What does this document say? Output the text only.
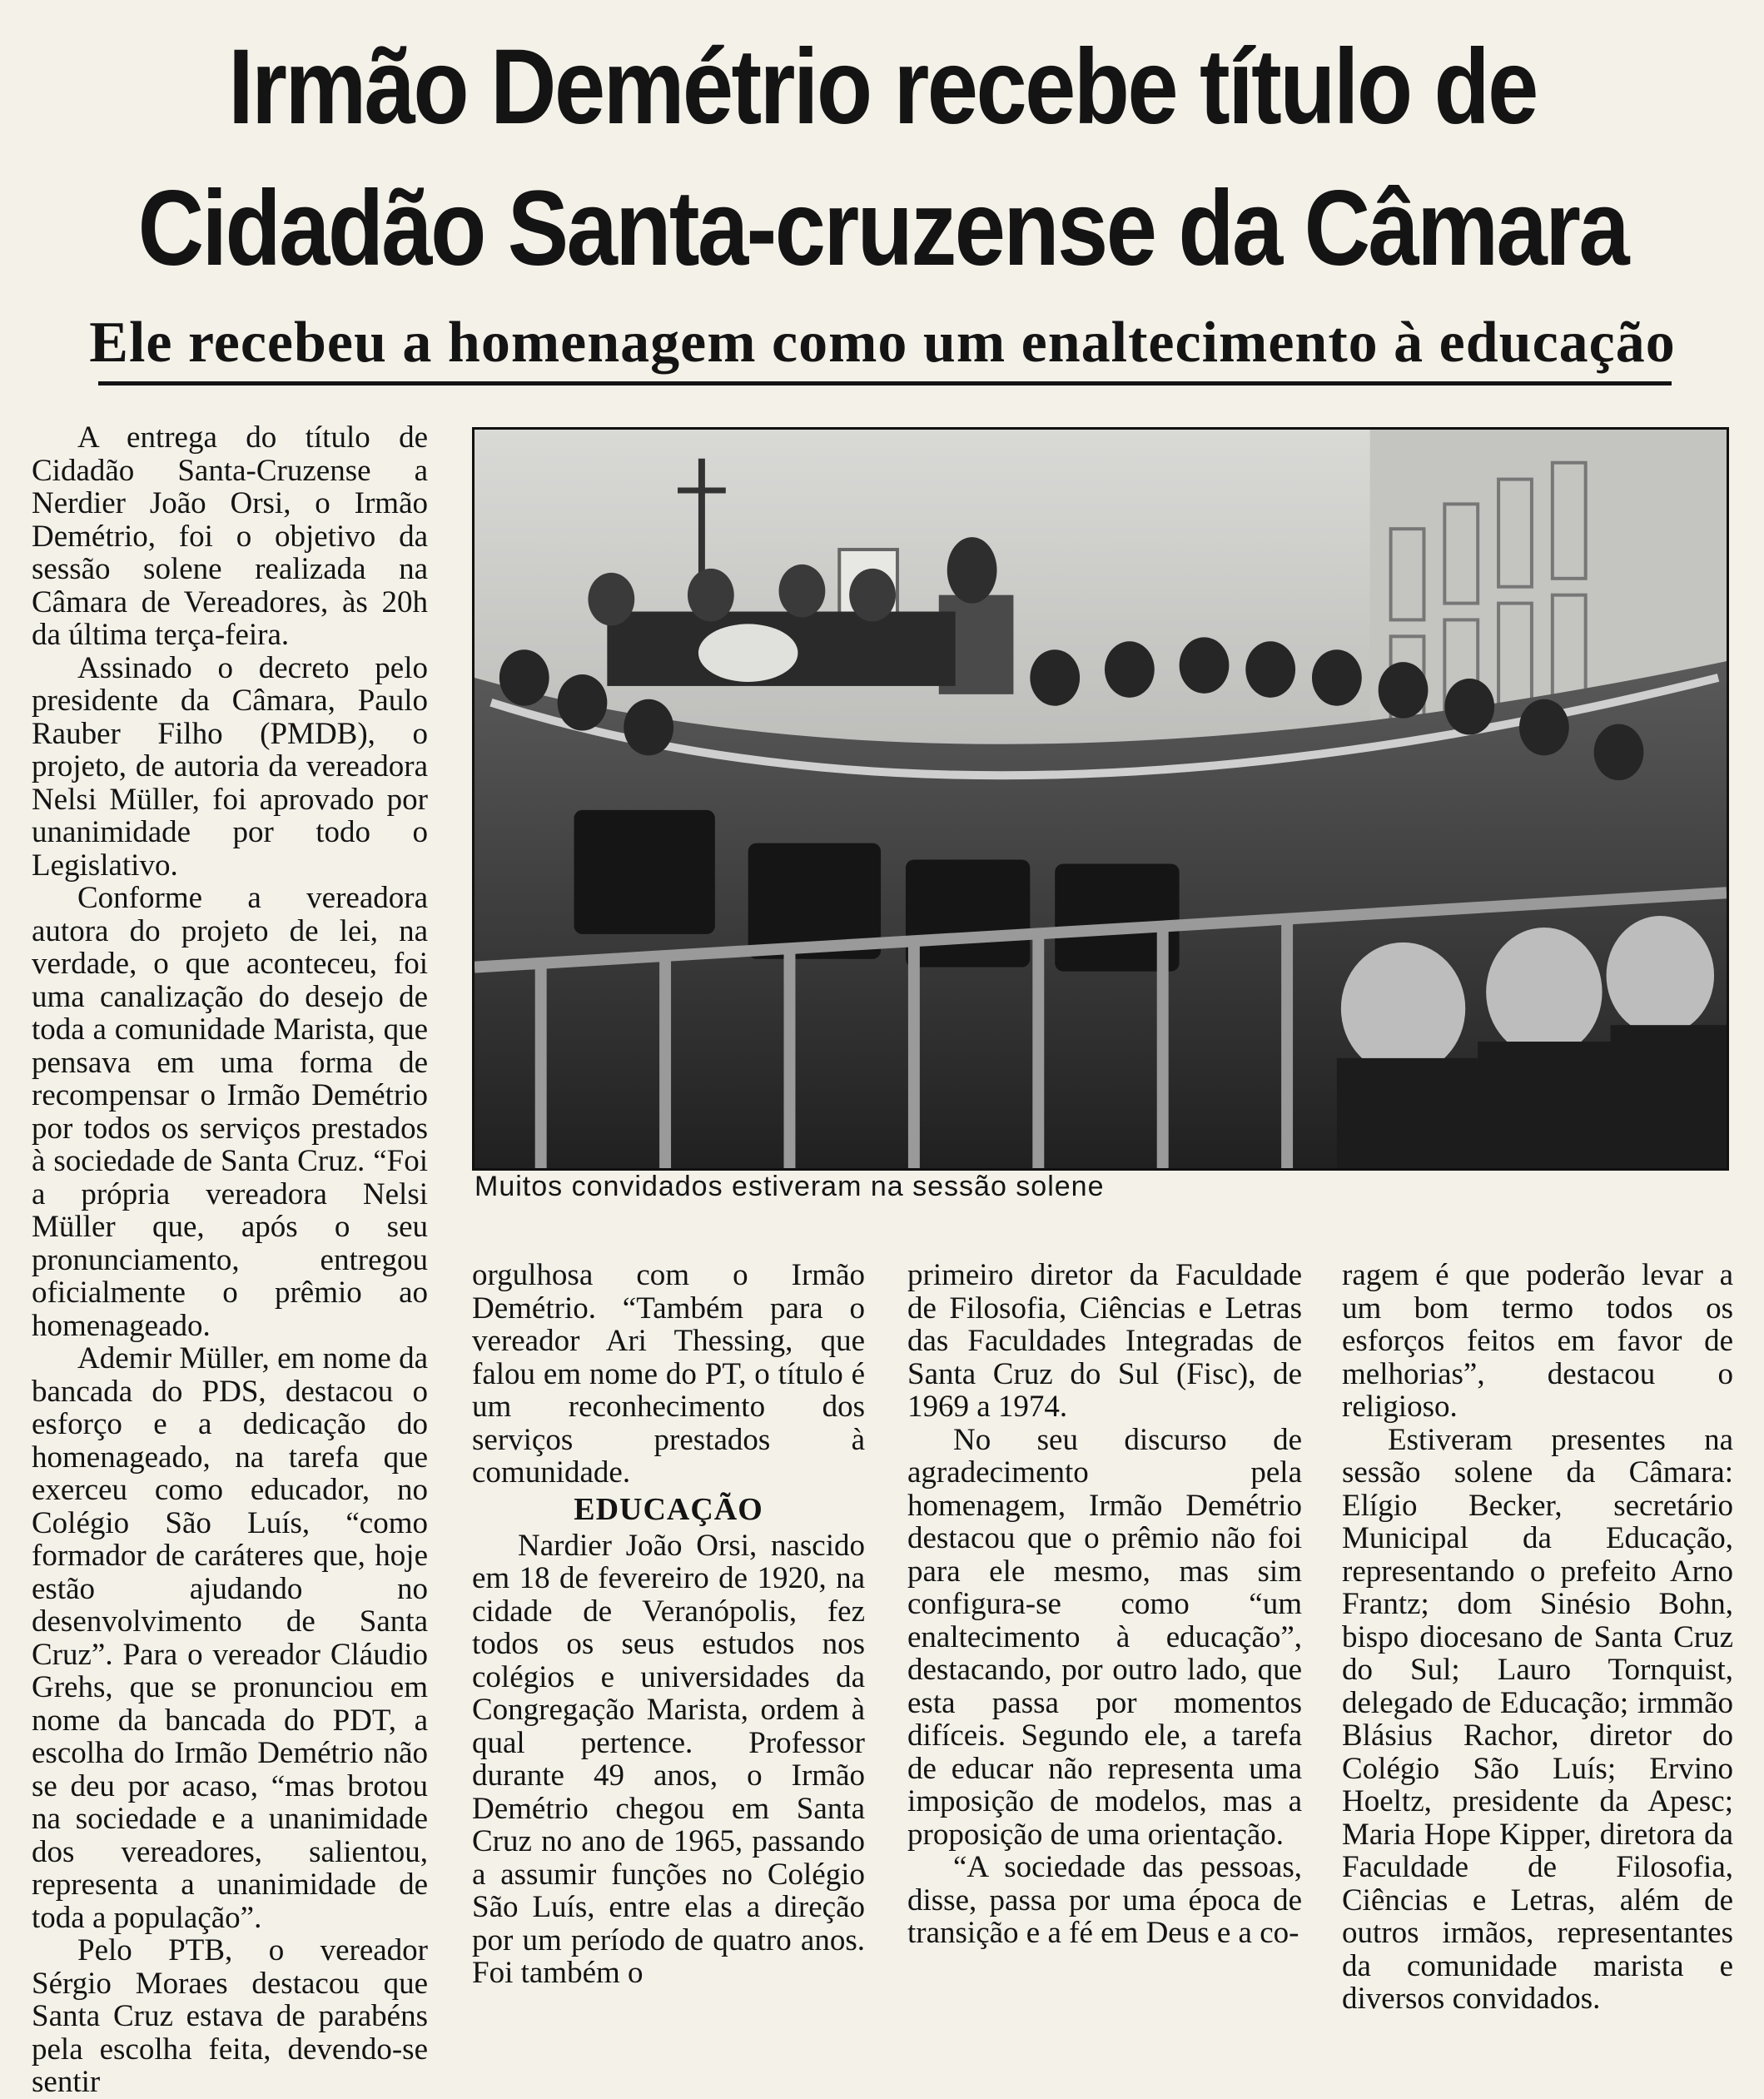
Irmão Demétrio recebe título de
Cidadão Santa-cruzense da Câmara
Ele recebeu a homenagem como um enaltecimento à educação

A entrega do título de Cidadão Santa-Cruzense a Nerdier João Orsi, o Irmão Demétrio, foi o objetivo da sessão solene realizada na Câmara de Vereadores, às 20h da última terça-feira.

Assinado o decreto pelo presidente da Câmara, Paulo Rauber Filho (PMDB), o projeto, de autoria da vereadora Nelsi Müller, foi aprovado por unanimidade por todo o Legislativo.

Conforme a vereadora autora do projeto de lei, na verdade, o que aconteceu, foi uma canalização do desejo de toda a comunidade Marista, que pensava em uma forma de recompensar o Irmão Demétrio por todos os serviços prestados à sociedade de Santa Cruz. “Foi a própria vereadora Nelsi Müller que, após o seu pronunciamento, entregou oficialmente o prêmio ao homenageado.

Ademir Müller, em nome da bancada do PDS, destacou o esforço e a dedicação do homenageado, na tarefa que exerceu como educador, no Colégio São Luís, “como formador de caráteres que, hoje estão ajudando no desenvolvimento de Santa Cruz”. Para o vereador Cláudio Grehs, que se pronunciou em nome da bancada do PDT, a escolha do Irmão Demétrio não se deu por acaso, “mas brotou na sociedade e a unanimidade dos vereadores, salientou, representa a unanimidade de toda a população”.

Pelo PTB, o vereador Sérgio Moraes destacou que Santa Cruz estava de parabéns pela escolha feita, devendo-se sentir

Muitos convidados estiveram na sessão solene

orgulhosa com o Irmão Demétrio. “Também para o vereador Ari Thessing, que falou em nome do PT, o título é um reconhecimento dos serviços prestados à comunidade.

EDUCAÇÃO

Nardier João Orsi, nascido em 18 de fevereiro de 1920, na cidade de Veranópolis, fez todos os seus estudos nos colégios e universidades da Congregação Marista, ordem à qual pertence. Professor durante 49 anos, o Irmão Demétrio chegou em Santa Cruz no ano de 1965, passando a assumir funções no Colégio São Luís, entre elas a direção por um período de quatro anos. Foi também o

primeiro diretor da Faculdade de Filosofia, Ciências e Letras das Faculdades Integradas de Santa Cruz do Sul (Fisc), de 1969 a 1974.

No seu discurso de agradecimento pela homenagem, Irmão Demétrio destacou que o prêmio não foi para ele mesmo, mas sim configura-se como “um enaltecimento à educação”, destacando, por outro lado, que esta passa por momentos difíceis. Segundo ele, a tarefa de educar não representa uma imposição de modelos, mas a proposição de uma orientação.

“A sociedade das pessoas, disse, passa por uma época de transição e a fé em Deus e a co-

ragem é que poderão levar a um bom termo todos os esforços feitos em favor de melhorias”, destacou o religioso.

Estiveram presentes na sessão solene da Câmara: Elígio Becker, secretário Municipal da Educação, representando o prefeito Arno Frantz; dom Sinésio Bohn, bispo diocesano de Santa Cruz do Sul; Lauro Tornquist, delegado de Educação; irmmão Blásius Rachor, diretor do Colégio São Luís; Ervino Hoeltz, presidente da Apesc; Maria Hope Kipper, diretora da Faculdade de Filosofia, Ciências e Letras, além de outros irmãos, representantes da comunidade marista e diversos convidados.
